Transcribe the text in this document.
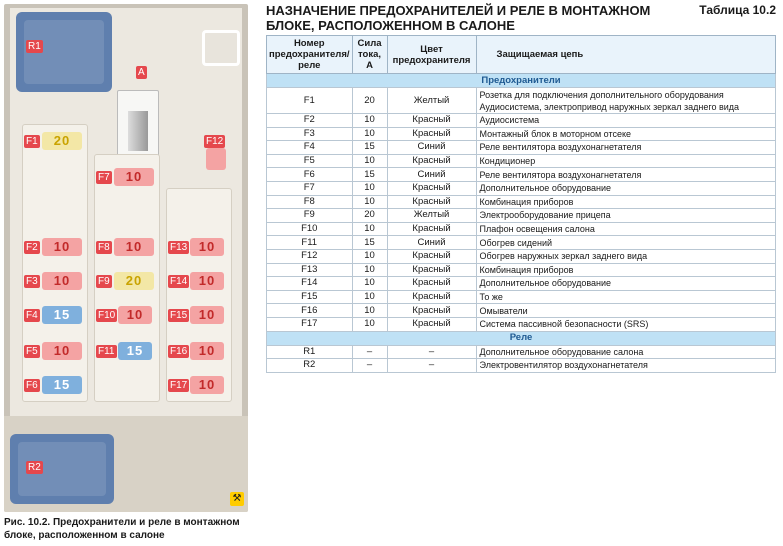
R1
A
F1	20
F2	10
F3	10
F4	15
F5	10
F6	15
F7	10
F8	10
F9	20
F10 10
F11 15
F12
F13 10
F14 10
F15 10
F16 10
F17 10
R2
⚒
Рис. 10.2. Предохранители и реле в монтажном блоке, расположенном в салоне
НАЗНАЧЕНИЕ ПРЕДОХРАНИТЕЛЕЙ И РЕЛЕ В МОНТАЖНОМ БЛОКЕ, РАСПОЛОЖЕННОМ В САЛОНЕ
Таблица 10.2
Номер предохранителя/ реле	Сила тока, А	Цвет предохранителя	Защищаемая цепь
Предохранители			
F1	20	Желтый	Розетка для подключения дополнительного оборудования Аудиосистема, электропривод наружных зеркал заднего вида
F2	10	Красный	Аудиосистема
F3	10	Красный	Монтажный блок в моторном отсеке
F4	15	Синий	Реле вентилятора воздухонагнетателя
F5	10	Красный	Кондиционер
F6	15	Синий	Реле вентилятора воздухонагнетателя
F7	10	Красный	Дополнительное оборудование
F8	10	Красный	Комбинация приборов
F9	20	Желтый	Электрооборудование прицепа
F10	10	Красный	Плафон освещения салона
F11	15	Синий	Обогрев сидений
F12	10	Красный	Обогрев наружных зеркал заднего вида
F13	10	Красный	Комбинация приборов
F14	10	Красный	Дополнительное оборудование
F15	10	Красный	То же
F16	10	Красный	Омыватели
F17	10	Красный	Система пассивной безопасности (SRS)
Реле			
R1	–	–	Дополнительное оборудование салона
R2	–	–	Электровентилятор воздухонагнетателя
